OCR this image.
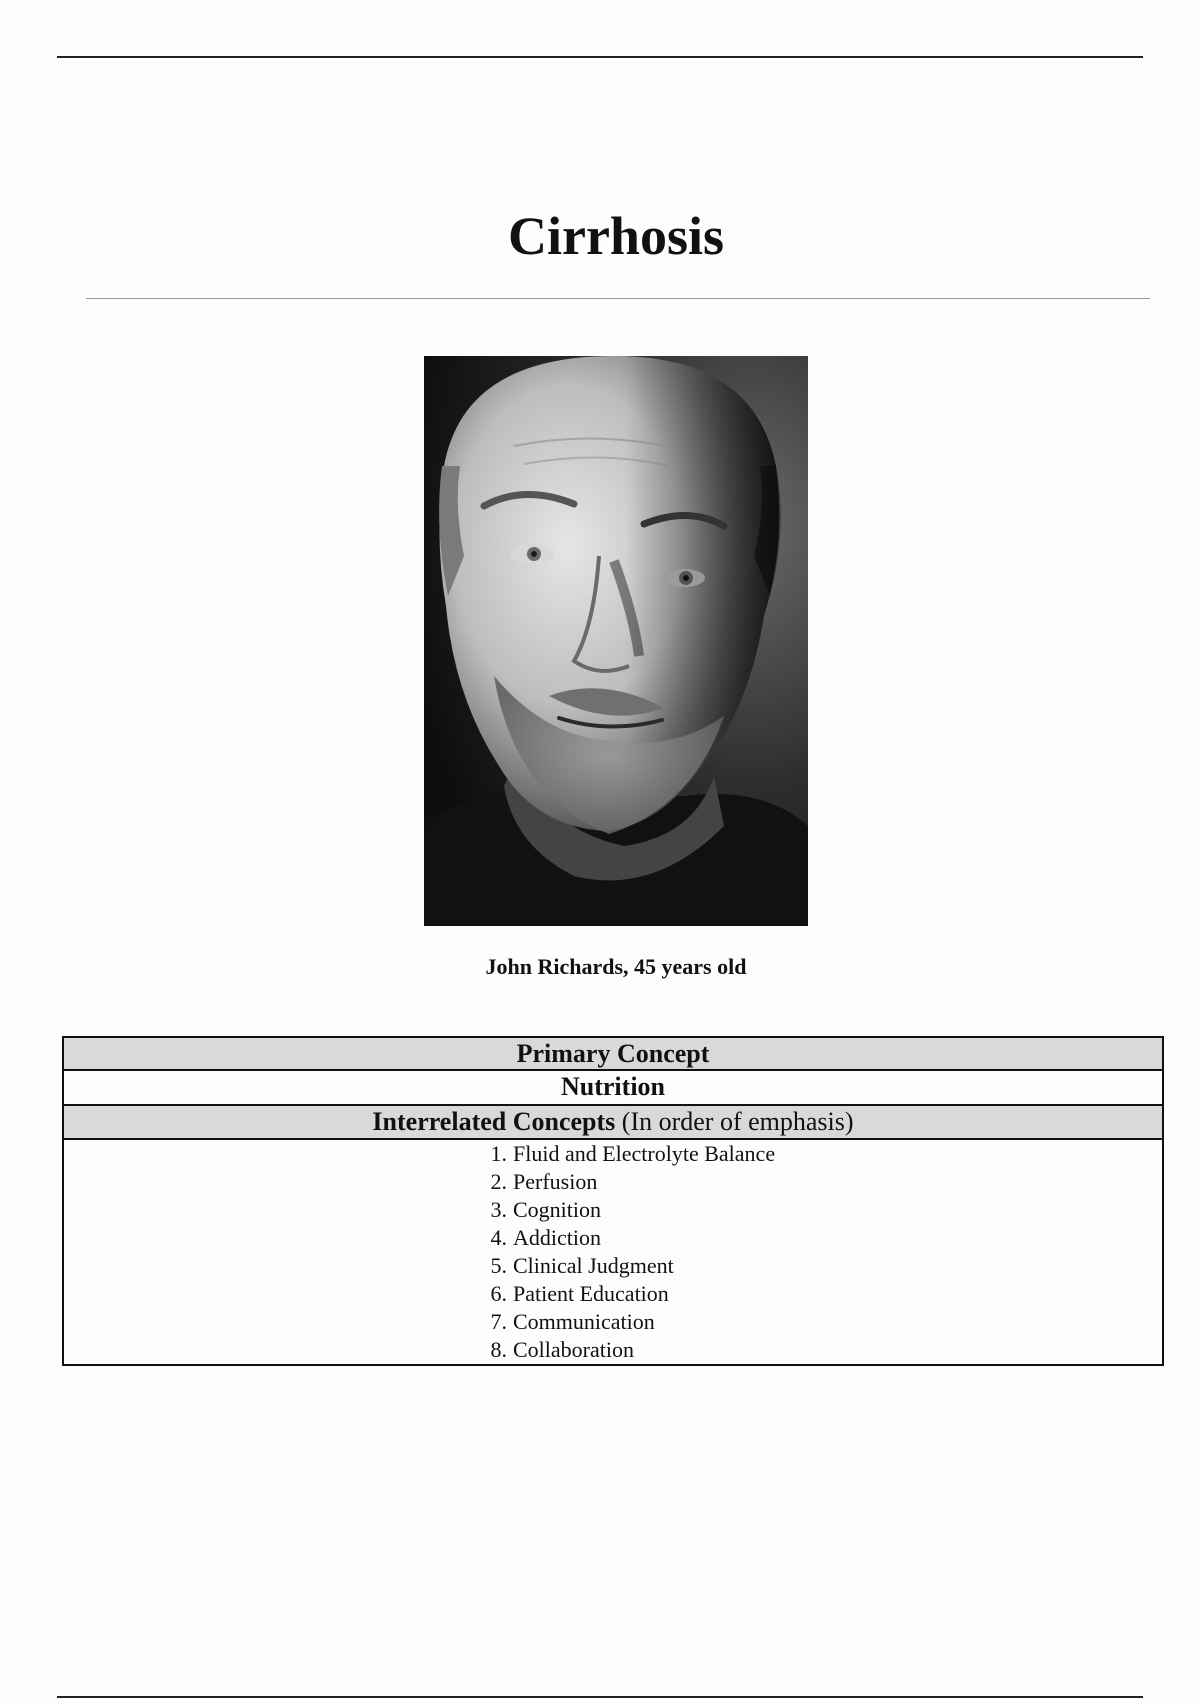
Cirrhosis
John Richards, 45 years old
Primary Concept
Nutrition
Interrelated Concepts (In order of emphasis)
1. Fluid and Electrolyte Balance
2. Perfusion
3. Cognition
4. Addiction
5. Clinical Judgment
6. Patient Education
7. Communication
8. Collaboration
